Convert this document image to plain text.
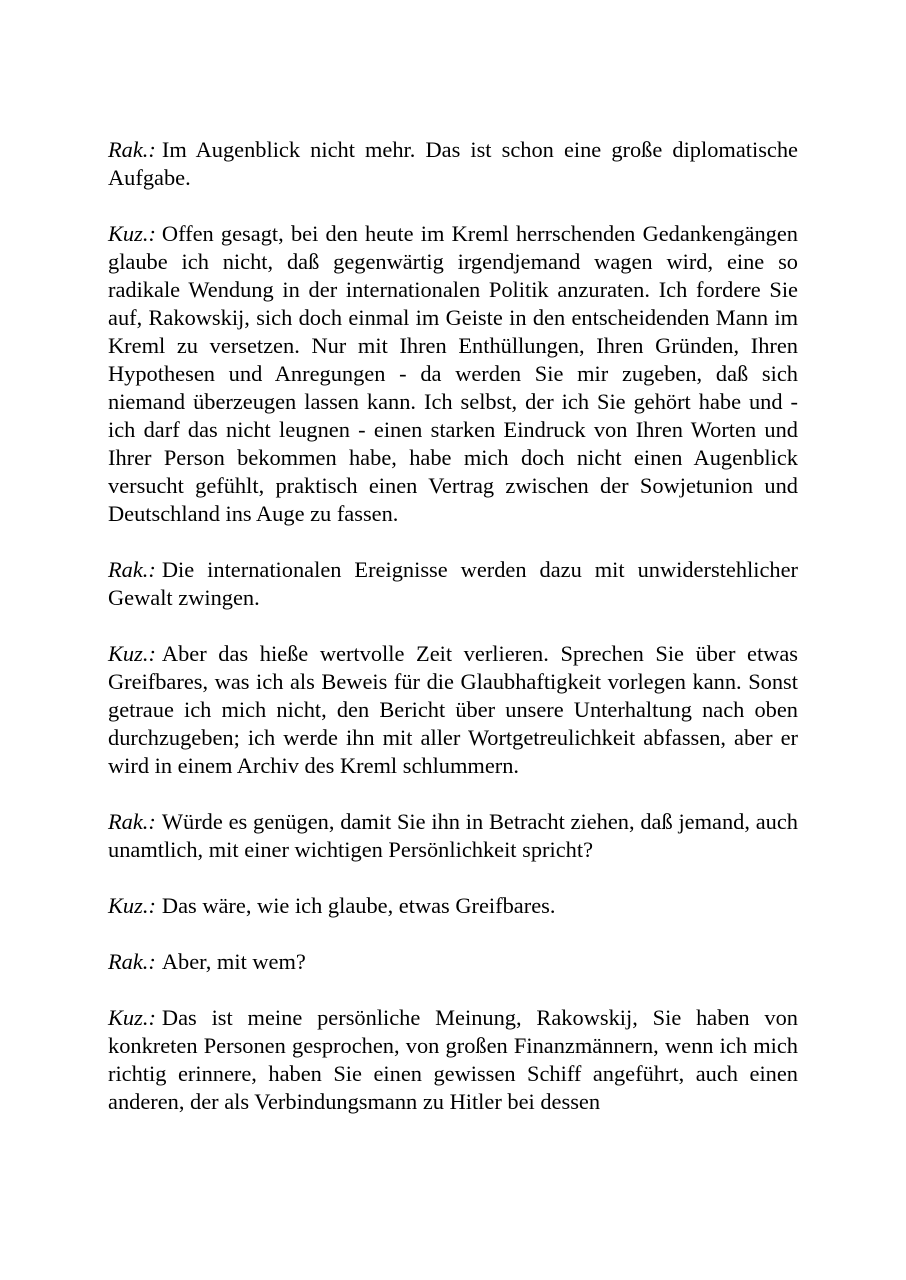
Rak.: Im Augenblick nicht mehr. Das ist schon eine große diplomatische Aufgabe.

Kuz.: Offen gesagt, bei den heute im Kreml herrschenden Gedankengängen glaube ich nicht, daß gegenwärtig irgendjemand wagen wird, eine so radikale Wendung in der internationalen Politik anzuraten. Ich fordere Sie auf, Rakowskij, sich doch einmal im Geiste in den entscheidenden Mann im Kreml zu versetzen. Nur mit Ihren Enthüllungen, Ihren Gründen, Ihren Hypothesen und Anregungen - da werden Sie mir zugeben, daß sich niemand überzeugen lassen kann. Ich selbst, der ich Sie gehört habe und - ich darf das nicht leugnen - einen starken Eindruck von Ihren Worten und Ihrer Person bekommen habe, habe mich doch nicht einen Augenblick versucht gefühlt, praktisch einen Vertrag zwischen der Sowjetunion und Deutschland ins Auge zu fassen.

Rak.: Die internationalen Ereignisse werden dazu mit unwiderstehlicher Gewalt zwingen.

Kuz.: Aber das hieße wertvolle Zeit verlieren. Sprechen Sie über etwas Greifbares, was ich als Beweis für die Glaubhaftigkeit vorlegen kann. Sonst getraue ich mich nicht, den Bericht über unsere Unterhaltung nach oben durchzugeben; ich werde ihn mit aller Wortgetreulichkeit abfassen, aber er wird in einem Archiv des Kreml schlummern.

Rak.: Würde es genügen, damit Sie ihn in Betracht ziehen, daß jemand, auch unamtlich, mit einer wichtigen Persönlichkeit spricht?

Kuz.: Das wäre, wie ich glaube, etwas Greifbares.

Rak.: Aber, mit wem?

Kuz.: Das ist meine persönliche Meinung, Rakowskij, Sie haben von konkreten Personen gesprochen, von großen Finanzmännern, wenn ich mich richtig erinnere, haben Sie einen gewissen Schiff angeführt, auch einen anderen, der als Verbindungsmann zu Hitler bei dessen
